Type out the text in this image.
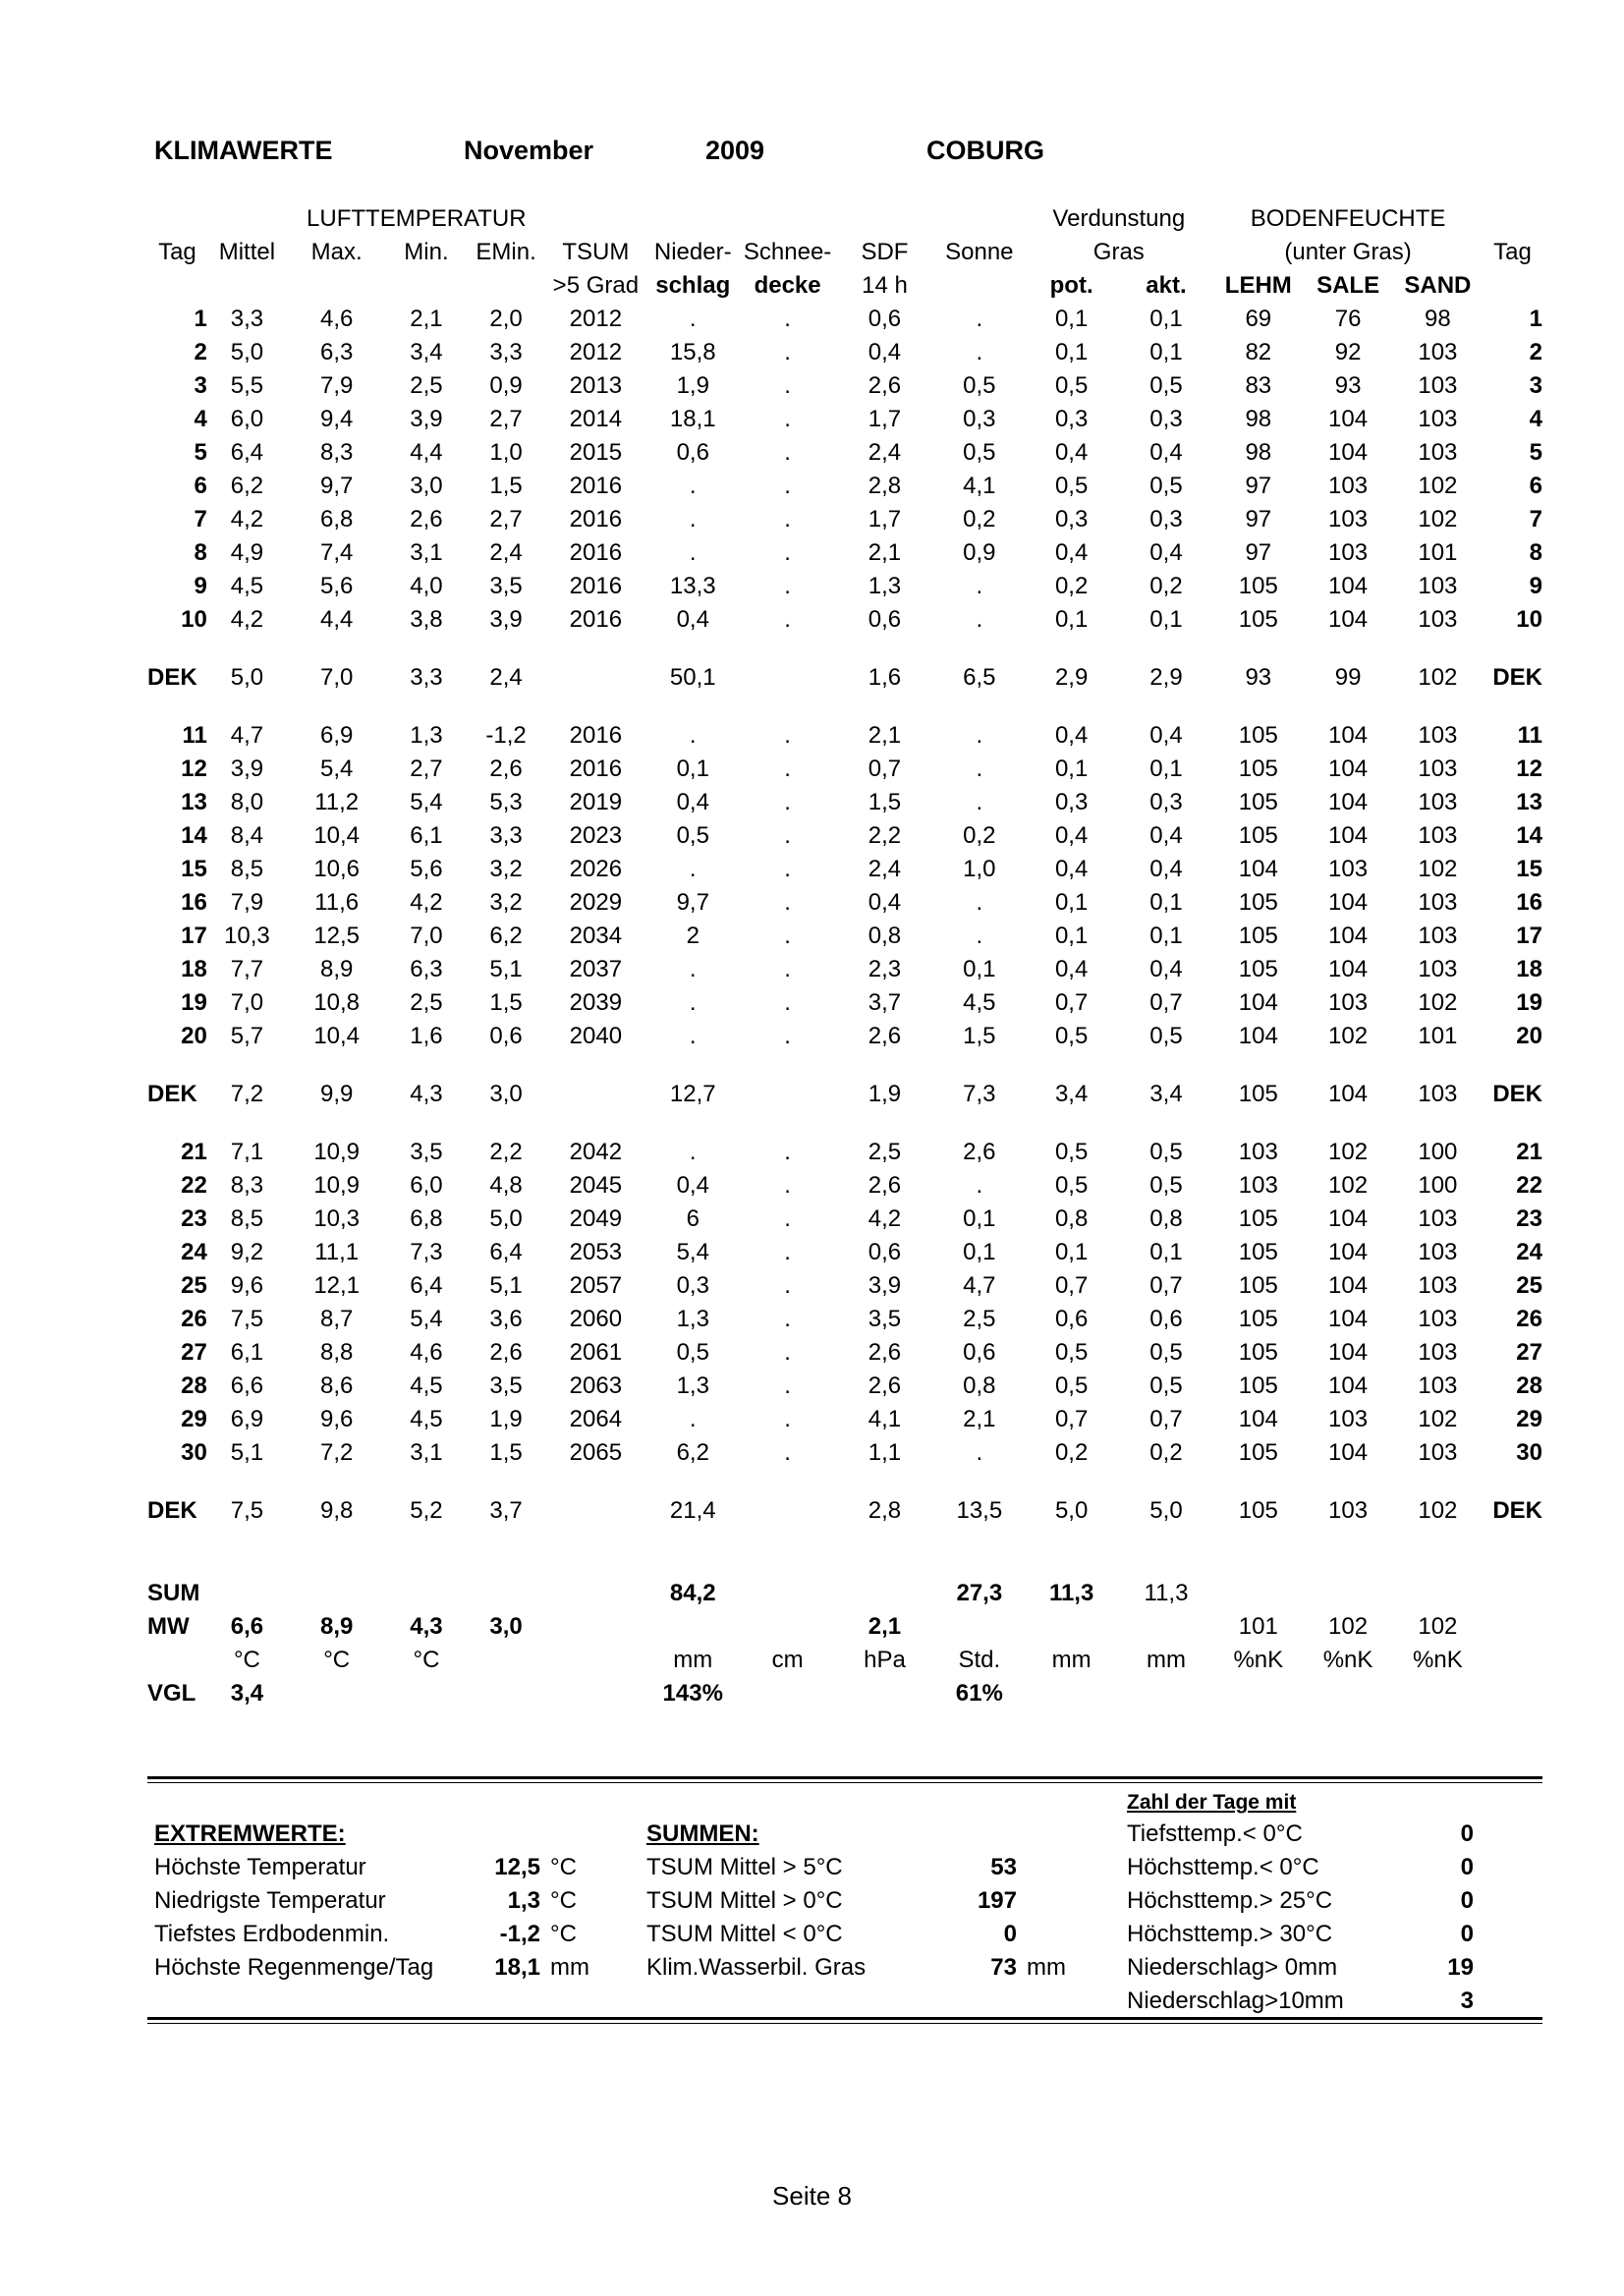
KLIMAWERTE	November	2009	COBURG
		LUFTTEMPERATUR								Verdunstung		BODENFEUCHTE			
Tag	Mittel	Max.	Min.	EMin.	TSUM	Nieder-	Schnee-	SDF	Sonne	Gras		(unter Gras)			Tag
					>5 Grad	schlag	decke	14 h		pot.	akt.	LEHM	SALE	SAND	
1	3,3	4,6	2,1	2,0	2012	.	.	0,6	.	0,1	0,1	69	76	98	1
2	5,0	6,3	3,4	3,3	2012	15,8	.	0,4	.	0,1	0,1	82	92	103	2
3	5,5	7,9	2,5	0,9	2013	1,9	.	2,6	0,5	0,5	0,5	83	93	103	3
4	6,0	9,4	3,9	2,7	2014	18,1	.	1,7	0,3	0,3	0,3	98	104	103	4
5	6,4	8,3	4,4	1,0	2015	0,6	.	2,4	0,5	0,4	0,4	98	104	103	5
6	6,2	9,7	3,0	1,5	2016	.	.	2,8	4,1	0,5	0,5	97	103	102	6
7	4,2	6,8	2,6	2,7	2016	.	.	1,7	0,2	0,3	0,3	97	103	102	7
8	4,9	7,4	3,1	2,4	2016	.	.	2,1	0,9	0,4	0,4	97	103	101	8
9	4,5	5,6	4,0	3,5	2016	13,3	.	1,3	.	0,2	0,2	105	104	103	9
10	4,2	4,4	3,8	3,9	2016	0,4	.	0,6	.	0,1	0,1	105	104	103	10

DEK	5,0	7,0	3,3	2,4		50,1		1,6	6,5	2,9	2,9	93	99	102	DEK

11	4,7	6,9	1,3	-1,2	2016	.	.	2,1	.	0,4	0,4	105	104	103	11
12	3,9	5,4	2,7	2,6	2016	0,1	.	0,7	.	0,1	0,1	105	104	103	12
13	8,0	11,2	5,4	5,3	2019	0,4	.	1,5	.	0,3	0,3	105	104	103	13
14	8,4	10,4	6,1	3,3	2023	0,5	.	2,2	0,2	0,4	0,4	105	104	103	14
15	8,5	10,6	5,6	3,2	2026	.	.	2,4	1,0	0,4	0,4	104	103	102	15
16	7,9	11,6	4,2	3,2	2029	9,7	.	0,4	.	0,1	0,1	105	104	103	16
17	10,3	12,5	7,0	6,2	2034	2	.	0,8	.	0,1	0,1	105	104	103	17
18	7,7	8,9	6,3	5,1	2037	.	.	2,3	0,1	0,4	0,4	105	104	103	18
19	7,0	10,8	2,5	1,5	2039	.	.	3,7	4,5	0,7	0,7	104	103	102	19
20	5,7	10,4	1,6	0,6	2040	.	.	2,6	1,5	0,5	0,5	104	102	101	20

DEK	7,2	9,9	4,3	3,0		12,7		1,9	7,3	3,4	3,4	105	104	103	DEK

21	7,1	10,9	3,5	2,2	2042	.	.	2,5	2,6	0,5	0,5	103	102	100	21
22	8,3	10,9	6,0	4,8	2045	0,4	.	2,6	.	0,5	0,5	103	102	100	22
23	8,5	10,3	6,8	5,0	2049	6	.	4,2	0,1	0,8	0,8	105	104	103	23
24	9,2	11,1	7,3	6,4	2053	5,4	.	0,6	0,1	0,1	0,1	105	104	103	24
25	9,6	12,1	6,4	5,1	2057	0,3	.	3,9	4,7	0,7	0,7	105	104	103	25
26	7,5	8,7	5,4	3,6	2060	1,3	.	3,5	2,5	0,6	0,6	105	104	103	26
27	6,1	8,8	4,6	2,6	2061	0,5	.	2,6	0,6	0,5	0,5	105	104	103	27
28	6,6	8,6	4,5	3,5	2063	1,3	.	2,6	0,8	0,5	0,5	105	104	103	28
29	6,9	9,6	4,5	1,9	2064	.	.	4,1	2,1	0,7	0,7	104	103	102	29
30	5,1	7,2	3,1	1,5	2065	6,2	.	1,1	.	0,2	0,2	105	104	103	30

DEK	7,5	9,8	5,2	3,7		21,4		2,8	13,5	5,0	5,0	105	103	102	DEK

SUM						84,2			27,3	11,3	11,3				
MW	6,6	8,9	4,3	3,0				2,1				101	102	102	
	°C	°C	°C			mm	cm	hPa	Std.	mm	mm	%nK	%nK	%nK	
VGL	3,4					143%			61%						
EXTREMWERTE:
Höchste Temperatur	12,5 °C
Niedrigste Temperatur	1,3 °C
Tiefstes Erdbodenmin.	-1,2 °C
Höchste Regenmenge/Tag	18,1 mm
SUMMEN:
TSUM Mittel > 5°C	53
TSUM Mittel > 0°C	197
TSUM Mittel < 0°C	0
Klim.Wasserbil. Gras	73 mm
Zahl der Tage mit
Tiefsttemp.< 0°C	0
Höchsttemp.< 0°C	0
Höchsttemp.> 25°C	0
Höchsttemp.> 30°C	0
Niederschlag> 0mm	19
Niederschlag>10mm	3
Seite 8
